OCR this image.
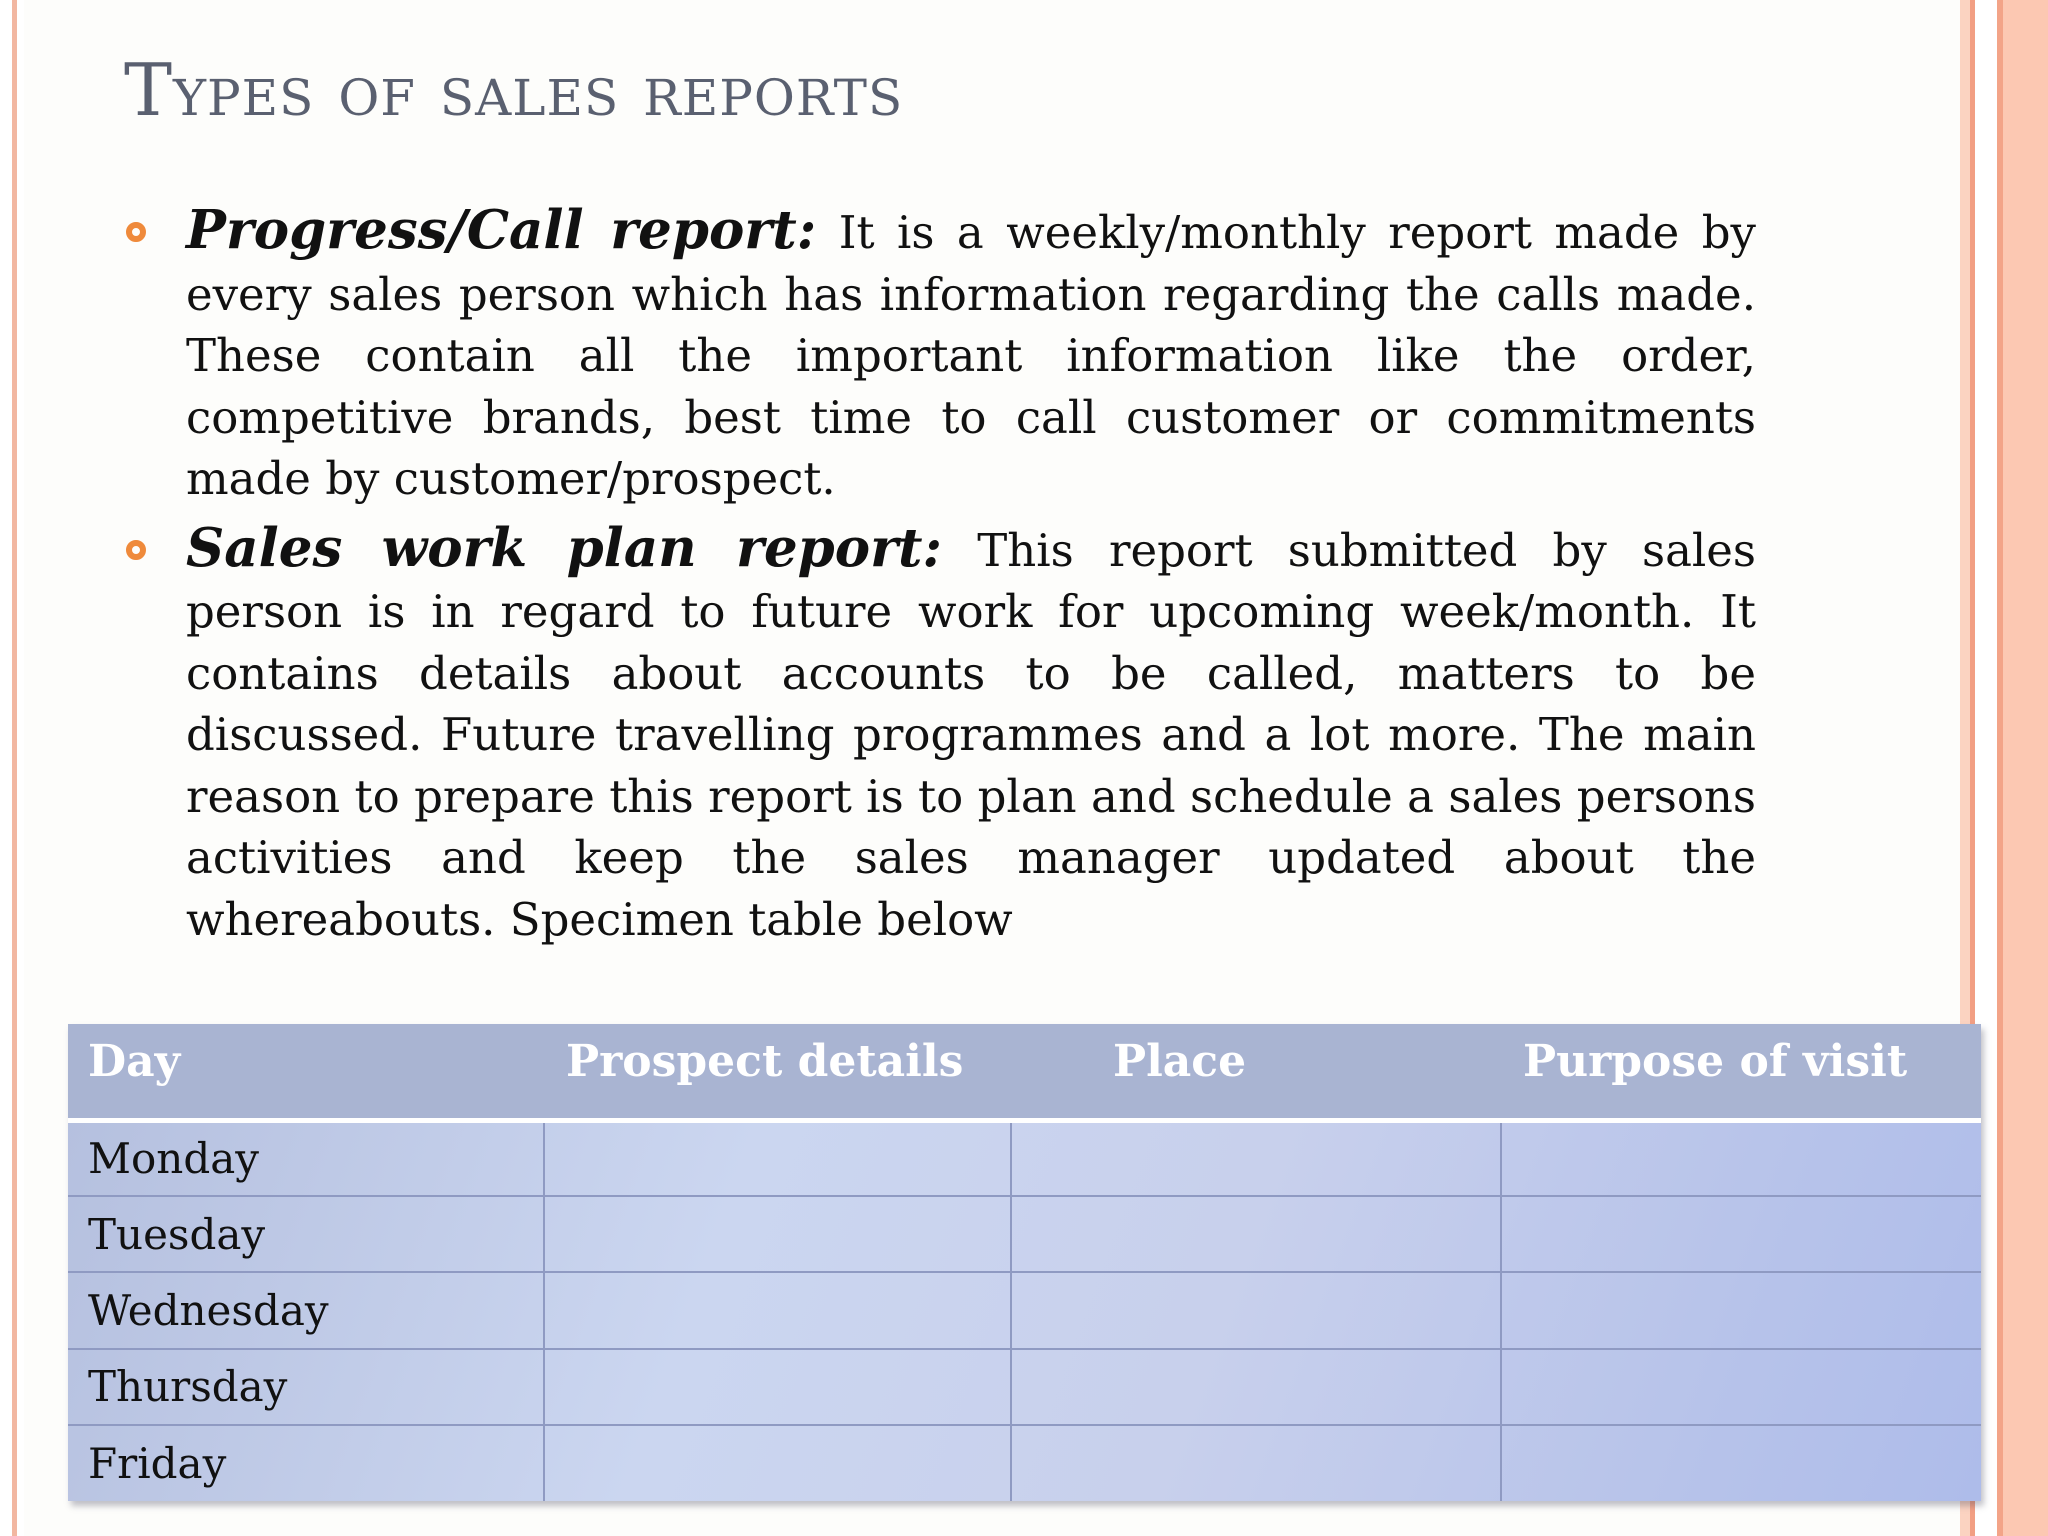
Types of sales reports
Progress/Call report: It is a weekly/monthly report made by every sales person which has information regarding the calls made. These contain all the important information like the order, competitive brands, best time to call customer or commitments made by customer/prospect.
Sales work plan report: This report submitted by sales person is in regard to future work for upcoming week/month. It contains details about accounts to be called, matters to be discussed. Future travelling programmes and a lot more. The main reason to prepare this report is to plan and schedule a sales persons activities and keep the sales manager updated about the whereabouts. Specimen table below
Day	Prospect details	Place	Purpose of visit
Monday			
Tuesday			
Wednesday			
Thursday			
Friday			
